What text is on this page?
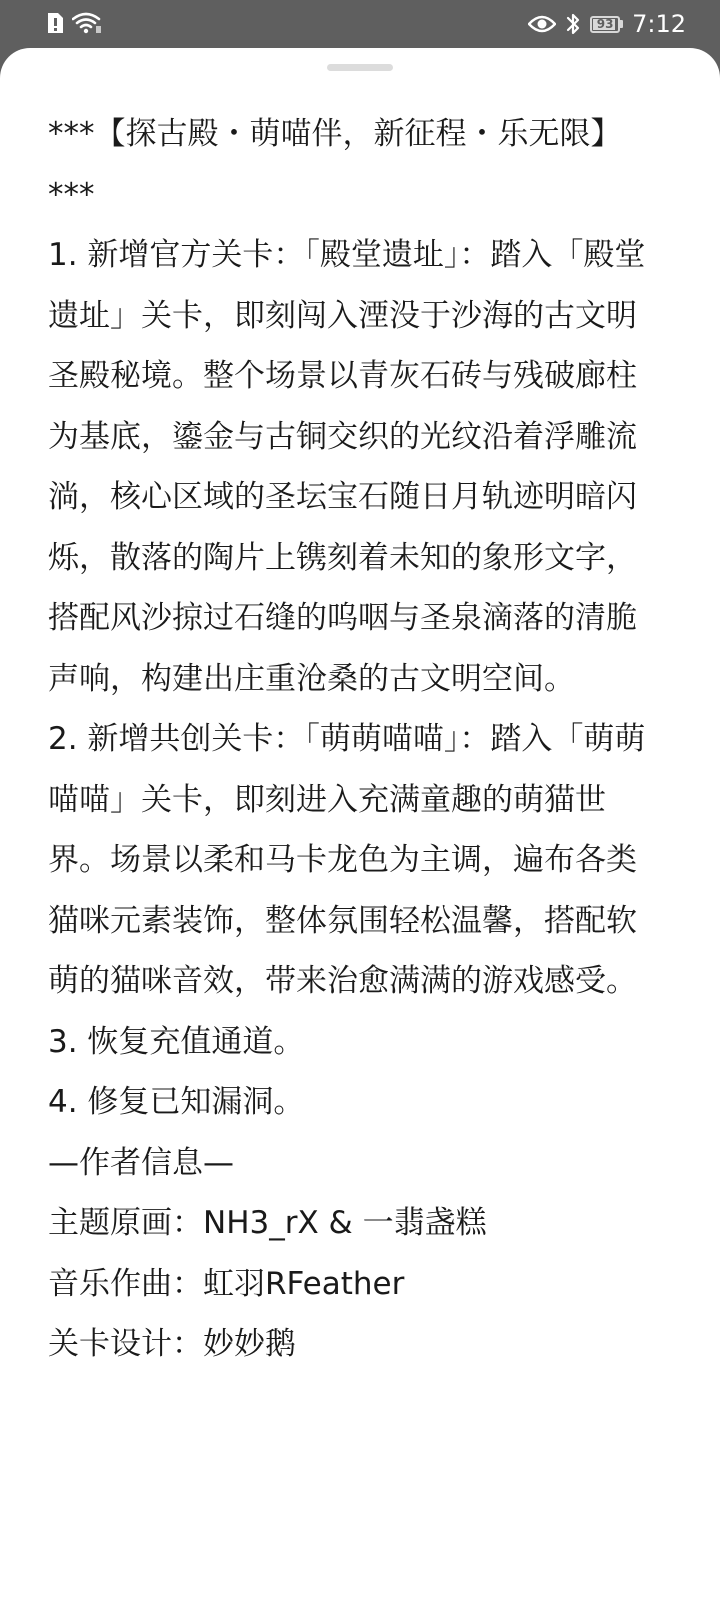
93 7:12

***【探古殿・萌喵伴，新征程・乐无限】***

1. 新增官方关卡：「殿堂遗址」：踏入「殿堂遗址」关卡，即刻闯入湮没于沙海的古文明圣殿秘境。整个场景以青灰石砖与残破廊柱为基底，鎏金与古铜交织的光纹沿着浮雕流淌，核心区域的圣坛宝石随日月轨迹明暗闪烁，散落的陶片上镌刻着未知的象形文字，搭配风沙掠过石缝的呜咽与圣泉滴落的清脆声响，构建出庄重沧桑的古文明空间。

2. 新增共创关卡：「萌萌喵喵」：踏入「萌萌喵喵」关卡，即刻进入充满童趣的萌猫世界。场景以柔和马卡龙色为主调，遍布各类猫咪元素装饰，整体氛围轻松温馨，搭配软萌的猫咪音效，带来治愈满满的游戏感受。

3. 恢复充值通道。

4. 修复已知漏洞。

—作者信息—

主题原画：NH3_rX & 一翡盏糕

音乐作曲：虹羽RFeather

关卡设计：妙妙鹅
